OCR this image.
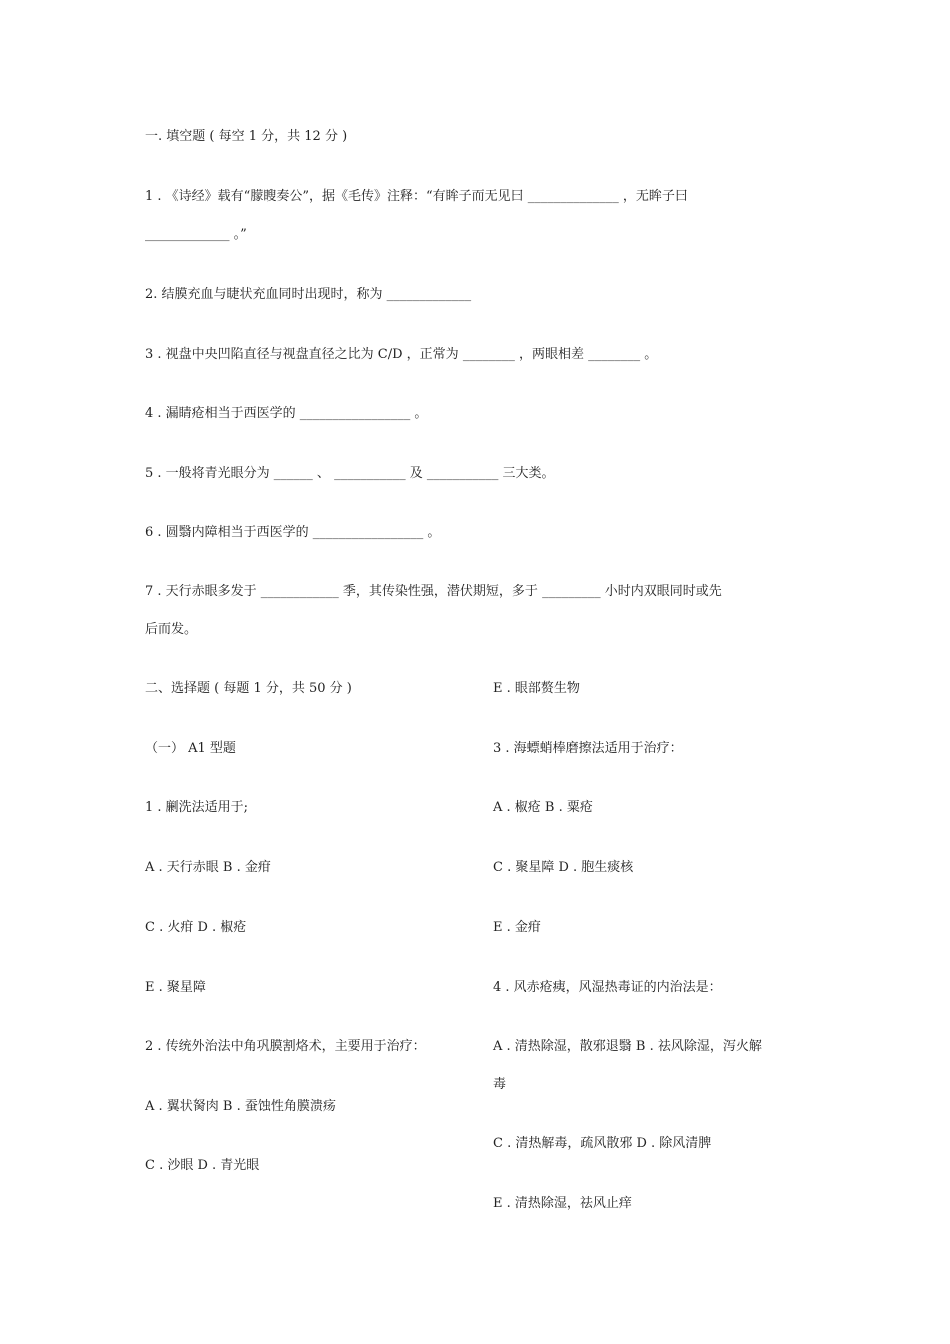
一. 填空题 ( 每空 1 分，共 12 分 )
1 . 《诗经》载有“朦瞍奏公”，据《毛传》注释：“有眸子而无见曰 ______________ ，无眸子曰
_____________ 。”
2. 结膜充血与睫状充血同时出现时，称为 _____________
3 . 视盘中央凹陷直径与视盘直径之比为 C/D ，正常为 ________ ，两眼相差 ________ 。
4 . 漏睛疮相当于西医学的 _________________ 。
5 . 一般将青光眼分为 ______ 、 ___________ 及 ___________ 三大类。
6 . 圆翳内障相当于西医学的 _________________ 。
7 . 天行赤眼多发于 ____________ 季，其传染性强，潜伏期短，多于 _________ 小时内双眼同时或先
后而发。
二、选择题 ( 每题 1 分，共 50 分 )
（一） A1 型题
1 . 劆洗法适用于;
A . 天行赤眼 B . 金疳
C . 火疳 D . 椒疮
E . 聚星障
2 . 传统外治法中角巩膜割烙术，主要用于治疗：
A . 翼状胬肉 B . 蚕蚀性角膜溃疡
C . 沙眼 D . 青光眼
E . 眼部赘生物
3 . 海螵蛸棒磨擦法适用于治疗：
A . 椒疮 B . 粟疮
C . 聚星障 D . 胞生痰核
E . 金疳
4 . 风赤疮痍，风湿热毒证的内治法是：
A . 清热除湿，散邪退翳 B . 祛风除湿，泻火解
毒
C . 清热解毒，疏风散邪 D . 除风清脾
E . 清热除湿，祛风止痒
